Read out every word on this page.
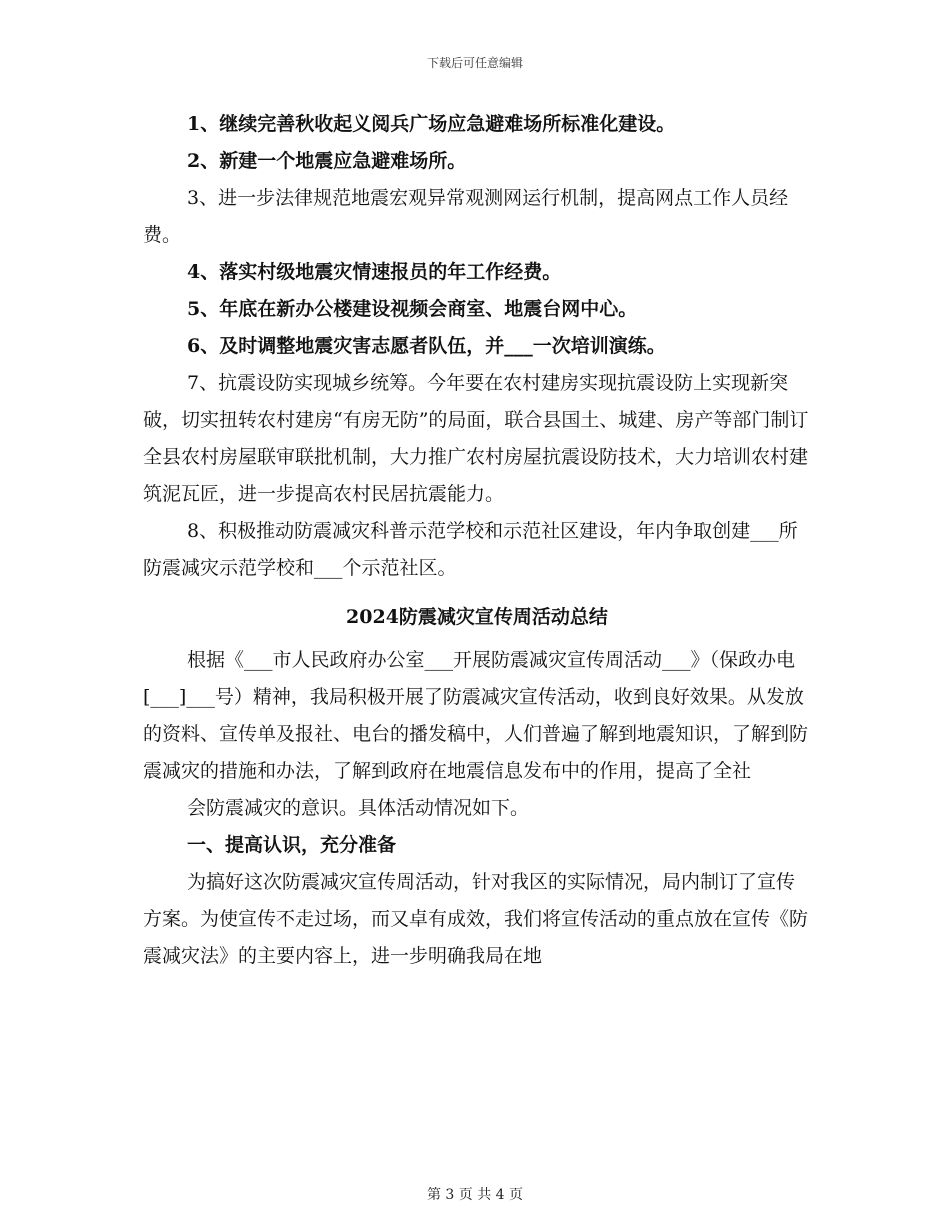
下载后可任意编辑

1、继续完善秋收起义阅兵广场应急避难场所标准化建设。

2、新建一个地震应急避难场所。

3、进一步法律规范地震宏观异常观测网运行机制，提高网点工作人员经费。

4、落实村级地震灾情速报员的年工作经费。

5、年底在新办公楼建设视频会商室、地震台网中心。

6、及时调整地震灾害志愿者队伍，并___一次培训演练。

7、抗震设防实现城乡统筹。今年要在农村建房实现抗震设防上实现新突破，切实扭转农村建房“有房无防”的局面，联合县国土、城建、房产等部门制订全县农村房屋联审联批机制，大力推广农村房屋抗震设防技术，大力培训农村建筑泥瓦匠，进一步提高农村民居抗震能力。

8、积极推动防震减灾科普示范学校和示范社区建设，年内争取创建___所防震减灾示范学校和___个示范社区。

2024防震减灾宣传周活动总结

根据《___市人民政府办公室___开展防震减灾宣传周活动___》（保政办电[___]___号）精神，我局积极开展了防震减灾宣传活动，收到良好效果。从发放的资料、宣传单及报社、电台的播发稿中，人们普遍了解到地震知识，了解到防震减灾的措施和办法，了解到政府在地震信息发布中的作用，提高了全社

会防震减灾的意识。具体活动情况如下。

一、提高认识，充分准备

为搞好这次防震减灾宣传周活动，针对我区的实际情况，局内制订了宣传方案。为使宣传不走过场，而又卓有成效，我们将宣传活动的重点放在宣传《防震减灾法》的主要内容上，进一步明确我局在地

第 3 页 共 4 页
